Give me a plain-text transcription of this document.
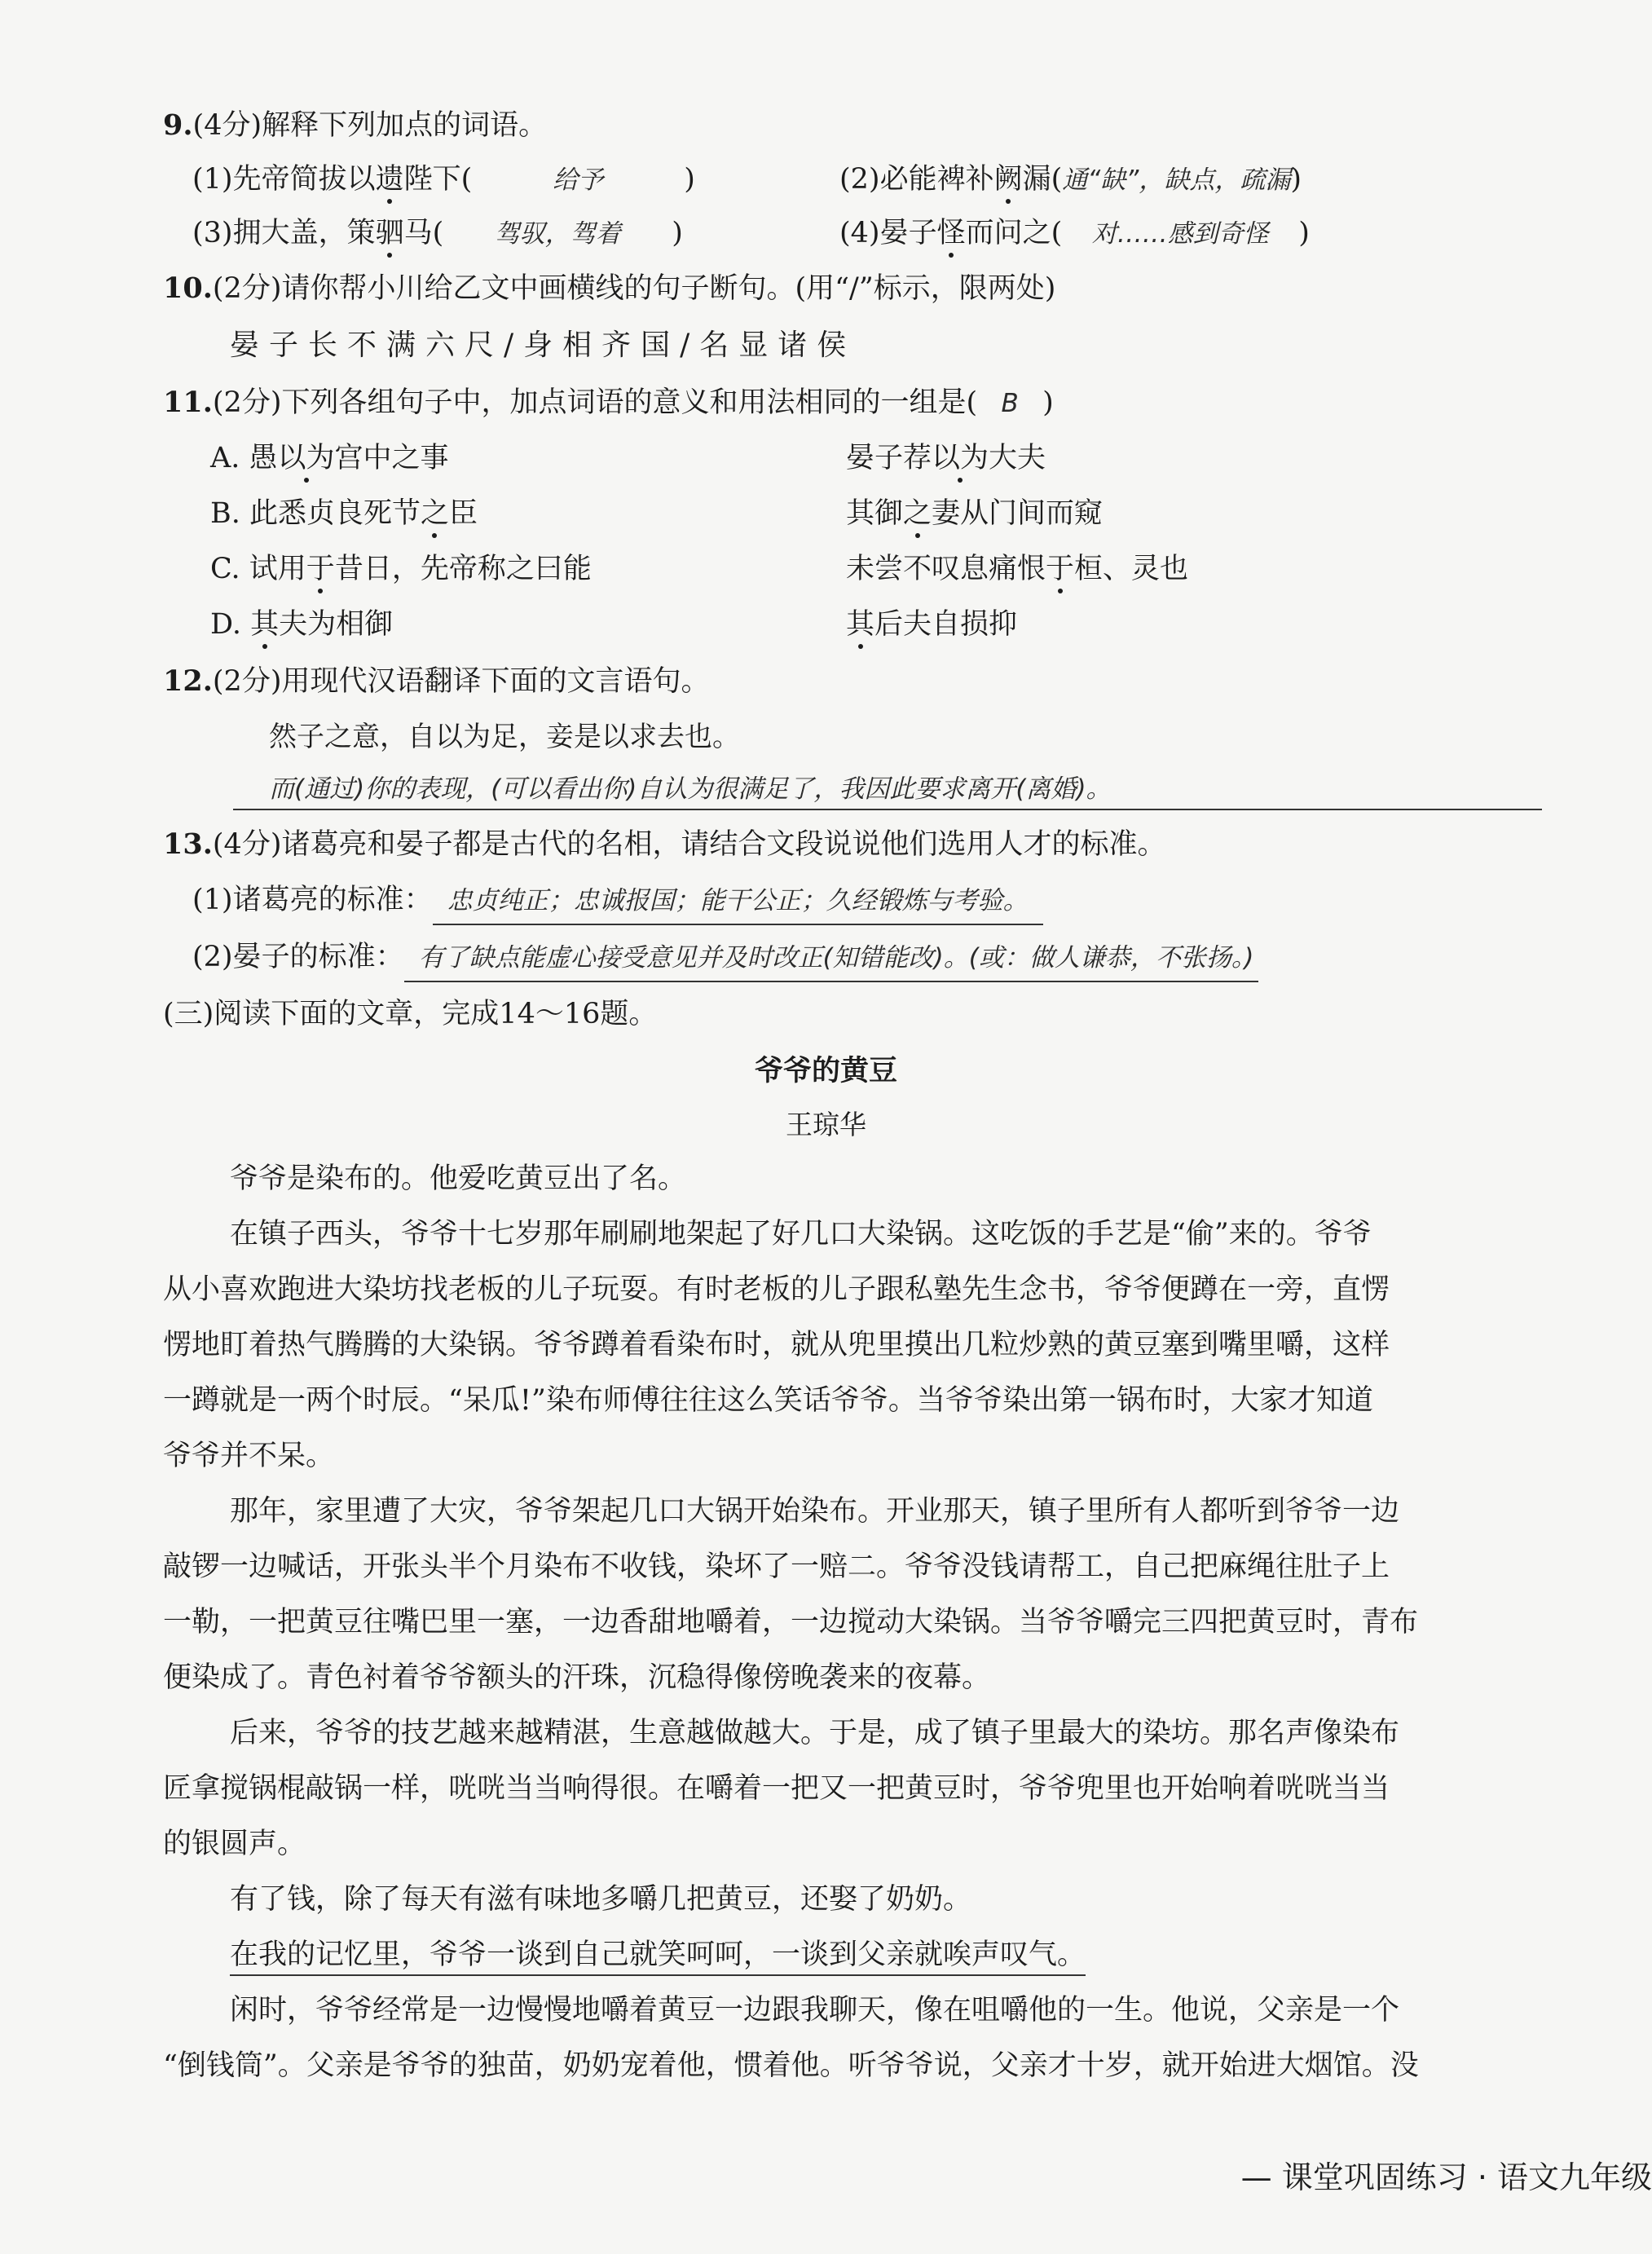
9.(4分)解释下列加点的词语。
(1)先帝简拔以遗陛下(	给予	)	(2)必能裨补阙漏(通“缺”，缺点，疏漏)
(3)拥大盖，策驷马( 驾驭，驾着 )	(4)晏子怪而问之( 对……感到奇怪 )
10.(2分)请你帮小川给乙文中画横线的句子断句。(用“/”标示，限两处)
晏子长不满六尺/身相齐国/名显诸侯
11.(2分)下列各组句子中，加点词语的意义和用法相同的一组是( B )
A. 愚以为宫中之事	晏子荐以为大夫
B. 此悉贞良死节之臣	其御之妻从门间而窥
C. 试用于昔日，先帝称之曰能	未尝不叹息痛恨于桓、灵也
D. 其夫为相御	其后夫自损抑
12.(2分)用现代汉语翻译下面的文言语句。
然子之意，自以为足，妾是以求去也。
而(通过)你的表现，(可以看出你)自认为很满足了，我因此要求离开(离婚)。
13.(4分)诸葛亮和晏子都是古代的名相，请结合文段说说他们选用人才的标准。
(1)诸葛亮的标准： 忠贞纯正；忠诚报国；能干公正；久经锻炼与考验。
(2)晏子的标准： 有了缺点能虚心接受意见并及时改正(知错能改)。(或：做人谦恭，不张扬。)
(三)阅读下面的文章，完成14～16题。
爷爷的黄豆
王琼华
爷爷是染布的。他爱吃黄豆出了名。
在镇子西头，爷爷十七岁那年刷刷地架起了好几口大染锅。这吃饭的手艺是“偷”来的。爷爷
从小喜欢跑进大染坊找老板的儿子玩耍。有时老板的儿子跟私塾先生念书，爷爷便蹲在一旁，直愣
愣地盯着热气腾腾的大染锅。爷爷蹲着看染布时，就从兜里摸出几粒炒熟的黄豆塞到嘴里嚼，这样
一蹲就是一两个时辰。“呆瓜!”染布师傅往往这么笑话爷爷。当爷爷染出第一锅布时，大家才知道
爷爷并不呆。
那年，家里遭了大灾，爷爷架起几口大锅开始染布。开业那天，镇子里所有人都听到爷爷一边
敲锣一边喊话，开张头半个月染布不收钱，染坏了一赔二。爷爷没钱请帮工，自己把麻绳往肚子上
一勒，一把黄豆往嘴巴里一塞，一边香甜地嚼着，一边搅动大染锅。当爷爷嚼完三四把黄豆时，青布
便染成了。青色衬着爷爷额头的汗珠，沉稳得像傍晚袭来的夜幕。
后来，爷爷的技艺越来越精湛，生意越做越大。于是，成了镇子里最大的染坊。那名声像染布
匠拿搅锅棍敲锅一样，咣咣当当响得很。在嚼着一把又一把黄豆时，爷爷兜里也开始响着咣咣当当
的银圆声。
有了钱，除了每天有滋有味地多嚼几把黄豆，还娶了奶奶。
在我的记忆里，爷爷一谈到自己就笑呵呵，一谈到父亲就唉声叹气。
闲时，爷爷经常是一边慢慢地嚼着黄豆一边跟我聊天，像在咀嚼他的一生。他说，父亲是一个
“倒钱筒”。父亲是爷爷的独苗，奶奶宠着他，惯着他。听爷爷说，父亲才十岁，就开始进大烟馆。没
— 课堂巩固练习 · 语文九年级
